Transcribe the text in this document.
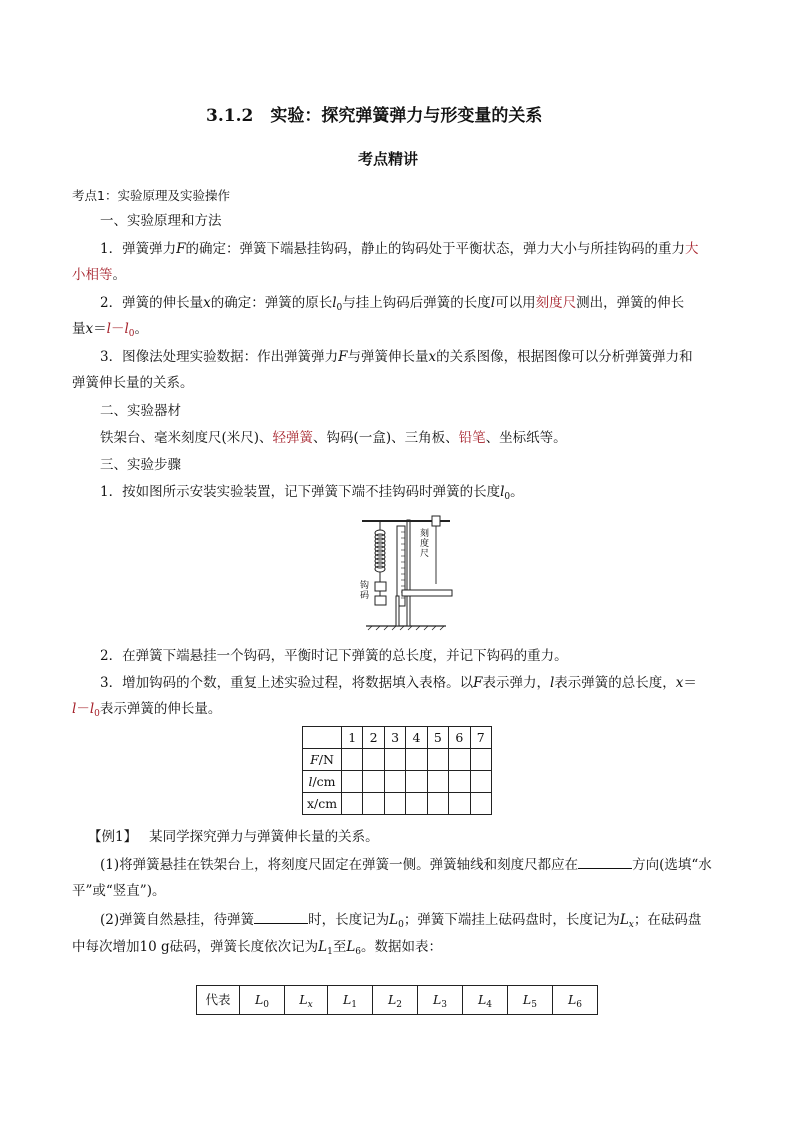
3.1.2　实验：探究弹簧弹力与形变量的关系
考点精讲
考点1：实验原理及实验操作
一、实验原理和方法
1．弹簧弹力F的确定：弹簧下端悬挂钩码，静止的钩码处于平衡状态，弹力大小与所挂钩码的重力大
小相等。
2．弹簧的伸长量x的确定：弹簧的原长$l_0$与挂上钩码后弹簧的长度l可以用刻度尺测出，弹簧的伸长
量$x=l-l_0$。
3．图像法处理实验数据：作出弹簧弹力F与弹簧伸长量x的关系图像，根据图像可以分析弹簧弹力和
弹簧伸长量的关系。
二、实验器材
铁架台、毫米刻度尺(米尺)、轻弹簧、钩码(一盒)、三角板、铅笔、坐标纸等。
三、实验步骤
1．按如图所示安装实验装置，记下弹簧下端不挂钩码时弹簧的长度$l_0$。
钩码
刻度尺
2．在弹簧下端悬挂一个钩码，平衡时记下弹簧的总长度，并记下钩码的重力。
3．增加钩码的个数，重复上述实验过程，将数据填入表格。以F表示弹力，l表示弹簧的总长度，x＝
$l-l_0$表示弹簧的伸长量。
	1	2	3	4	5	6	7
F/N							
l/cm							
x/cm							
【例1】 某同学探究弹力与弹簧伸长量的关系。
(1)将弹簧悬挂在铁架台上，将刻度尺固定在弹簧一侧。弹簧轴线和刻度尺都应在	方向(选填“水
平”或“竖直”)。
(2)弹簧自然悬挂，待弹簧	时，长度记为$L_0$；弹簧下端挂上砝码盘时，长度记为$L_x$；在砝码盘
中每次增加10 g砝码，弹簧长度依次记为$L_1$至$L_6$。数据如表：
代表	$L_0$	$L_x$	$L_1$	$L_2$	$L_3$	$L_4$	$L_5$	$L_6$
